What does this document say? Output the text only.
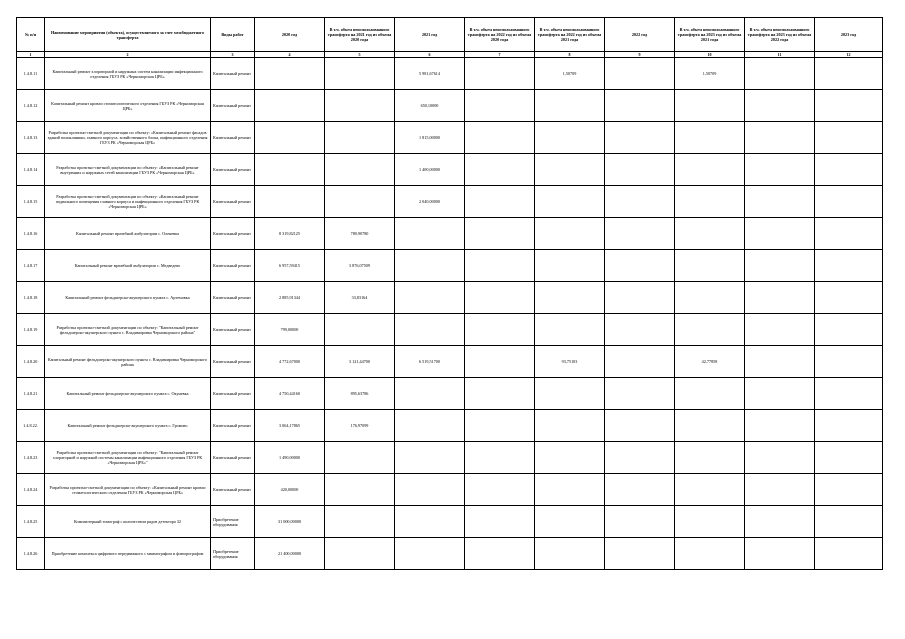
№ п/п	Наименование мероприятия (объекта), осуществляемого за счет межбюджетного трансферта	Виды работ	2020 год	В т.ч. объем неиспользованного трансферта на 2021 год из объема 2020 года	2021 год	В т.ч. объем неиспользованного трансферта на 2022 год из объема 2020 года	В т.ч. объем неиспользованного трансферта на 2022 год из объема 2021 года	2022 год	В т.ч. объем неиспользованного трансферта на 2023 год из объема 2021 года	В т.ч. объем неиспользованного трансферта на 2023 год из объема 2022 года	2023 год
1	2	3	4	5	6	7	8	9	10	11	12
1.4.8.11	Капитальный ремонт хлораторной и наружных систем канализации инфекционного отделения ГБУЗ РК «Черноморская ЦРБ»	Капитальный ремонт			5 981,67614		1,50709		1,50709		
1.4.8.12	Капитальный ремонт кровли стоматологического отделения ГБУЗ РК «Черноморская ЦРБ»	Капитальный ремонт			650,10000						
1.4.8.13	Разработка проектно-сметной документации по объекту: «Капитальный ремонт фасадов зданий поликлиники, главного корпуса, хозяйственного блока, инфекционного отделения ГБУЗ РК «Черноморская ЦРБ»	Капитальный ремонт			1 815,00000						
1.4.8.14	Разработка проектно-сметной документации по объекту: «Капитальный ремонт внутренних и наружных сетей канализации ГБУЗ РК «Черноморская ЦРБ»	Капитальный ремонт			1 400,00000						
1.4.8.15	Разработка проектно-сметной документации по объекту: «Капитальный ремонт подвального помещения главного корпуса и инфекционного отделения ГБУЗ РК «Черноморская ЦРБ»	Капитальный ремонт			2 040,00000						
1.4.8.16	Капитальный ремонт врачебной амбулатории с. Оленевка	Капитальный ремонт	8 319,82125	780,90780							
1.4.8.17	Капитальный ремонт врачебной амбулатории с. Медведево	Капитальный ремонт	6 957,59415	3 876,07509							
1.4.8.18	Капитальный ремонт фельдшерско-акушерского пункта с. Артемовка	Капитальный ремонт	2 885,91344	33,83164							
1.4.8.19	Разработка проектно-сметной документации по объекту: "Капитальный ремонт фельдшерско-акушерского пункта с. Владимировка Черноморского района"	Капитальный ремонт	799,00000								
1.4.8.20	Капитальный ремонт фельдшерско-акушерского пункта с. Владимировка Черноморского района	Капитальный ремонт	4 772,67000	3 121,44700	6 519,51700		93,75103		42,77858		
1.4.8.21	Капитальный ремонт фельдшерско-акушерского пункта с. Окуневка	Капитальный ремонт	4 750,44160	895,63786							
1.4.8.22.	Капитальный ремонт фельдшерско-акушерского пункта с. Громово	Капитальный ремонт	3 064,17865	176,97099							
1.4.8.23	Разработка проектно-сметной документации по объекту: "Капитальный ремонт хлораторной и наружной системы канализации инфекционного отделения ГБУЗ РК «Черноморская ЦРБ»"	Капитальный ремонт	1 490,00000								
1.4.8.24	Разработка проектно-сметной документации по объекту: «Капитальный ремонт кровли стоматологического отделения ГБУЗ РК «Черноморская ЦРБ»	Капитальный ремонт	420,00000								
1.4.8.25	Компьютерный томограф с количеством рядов детектора 32	Приобретение оборудования	31 000,00000								
1.4.8.26	Приобретение комплекса цифрового передвижного с маммографом и флюорографом	Приобретение оборудования	21 400,00000								
